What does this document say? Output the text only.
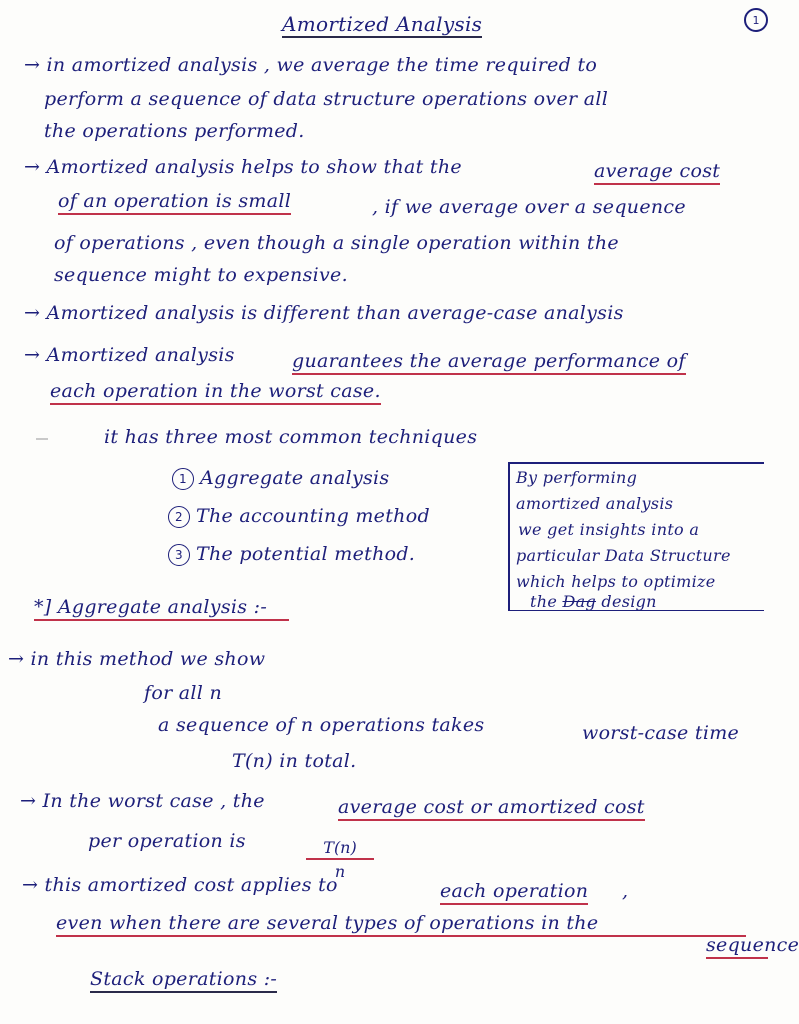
1
Amortized Analysis
→ in amortized analysis , we average the time required to
perform a sequence of data structure operations over all
the operations performed.
→ Amortized analysis helps to show that the	average cost
of an operation is small	, if we average over a sequence
of operations , even though a single operation within the
sequence might to expensive.
→ Amortized analysis is different than average-case analysis
→ Amortized analysis	guarantees the average performance of
each operation in the worst case.
it has three most common techniques
1 Aggregate analysis
2 The accounting method
3 The potential method.
By performing
amortized analysis
we get insights into a
particular Data Structure
which helps to optimize
the Dag design
*] Aggregate analysis :-
→ in this method we show
for all n
a sequence of n operations takes	worst-case time
T(n) in total.
→ In the worst case , the	average cost or amortized cost
per operation is	$\frac{T(n)}{n}$
→ this amortized cost applies to	each operation ,
even when there are several types of operations in the
sequence
Stack operations :-
